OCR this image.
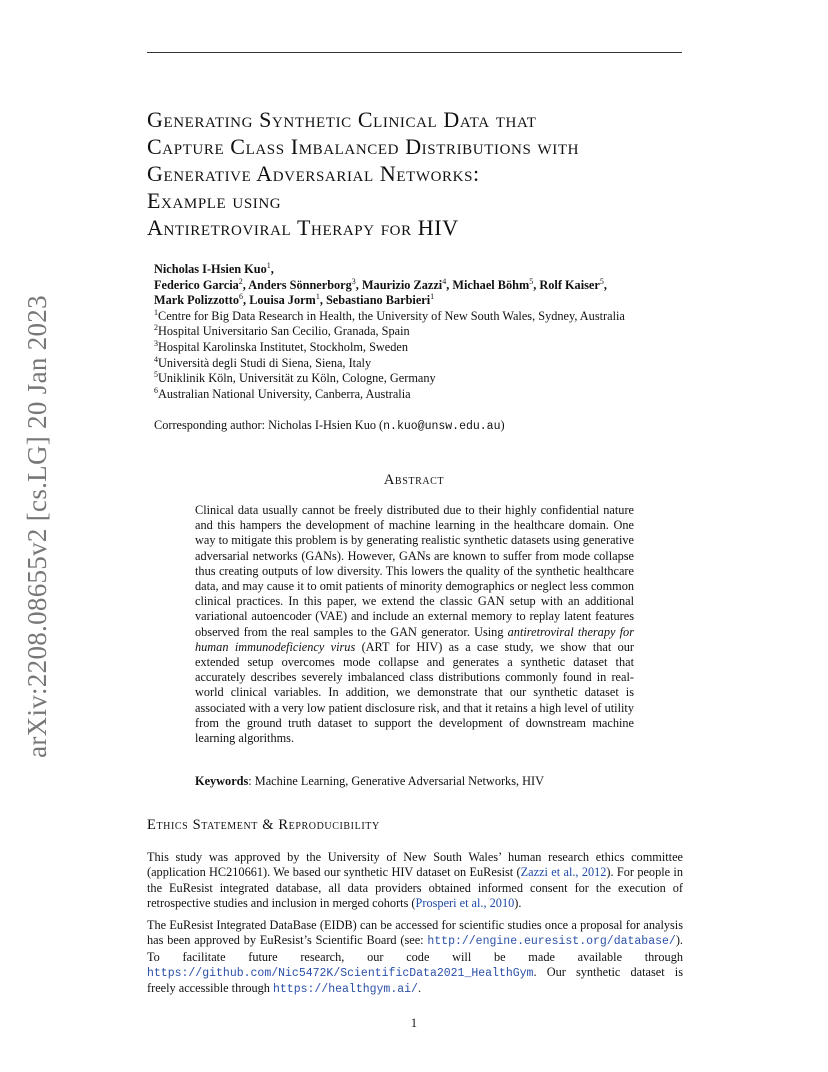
arXiv:2208.08655v2 [cs.LG] 20 Jan 2023
Generating Synthetic Clinical Data that
Capture Class Imbalanced Distributions with
Generative Adversarial Networks:
Example using
Antiretroviral Therapy for HIV
Nicholas I-Hsien Kuo$^1$,
Federico Garcia$^2$, Anders Sönnerborg$^3$, Maurizio Zazzi$^4$, Michael Böhm$^5$, Rolf Kaiser$^5$,
Mark Polizzotto$^6$, Louisa Jorm$^1$, Sebastiano Barbieri$^1$
$^1$Centre for Big Data Research in Health, the University of New South Wales, Sydney, Australia
$^2$Hospital Universitario San Cecilio, Granada, Spain
$^3$Hospital Karolinska Institutet, Stockholm, Sweden
$^4$Università degli Studi di Siena, Siena, Italy
$^5$Uniklinik Köln, Universität zu Köln, Cologne, Germany
$^6$Australian National University, Canberra, Australia
Corresponding author: Nicholas I-Hsien Kuo (n.kuo@unsw.edu.au)
Abstract

Clinical data usually cannot be freely distributed due to their highly confidential nature and this hampers the development of machine learning in the healthcare domain. One way to mitigate this problem is by generating realistic synthetic datasets using generative adversarial networks (GANs). However, GANs are known to suffer from mode collapse thus creating outputs of low diversity. This lowers the quality of the synthetic healthcare data, and may cause it to omit patients of minority demographics or neglect less common clinical practices. In this paper, we extend the classic GAN setup with an additional variational autoencoder (VAE) and include an external memory to replay latent features observed from the real samples to the GAN generator. Using antiretroviral therapy for human immunodeficiency virus (ART for HIV) as a case study, we show that our extended setup overcomes mode collapse and generates a synthetic dataset that accurately describes severely imbalanced class distributions commonly found in real-world clinical variables. In addition, we demonstrate that our synthetic dataset is associated with a very low patient disclosure risk, and that it retains a high level of utility from the ground truth dataset to support the development of downstream machine learning algorithms.

Keywords: Machine Learning, Generative Adversarial Networks, HIV
Ethics Statement & Reproducibility

This study was approved by the University of New South Wales’ human research ethics committee (application HC210661). We based our synthetic HIV dataset on EuResist (Zazzi et al., 2012). For people in the EuResist integrated database, all data providers obtained informed consent for the execution of retrospective studies and inclusion in merged cohorts (Prosperi et al., 2010).

The EuResist Integrated DataBase (EIDB) can be accessed for scientific studies once a proposal for analysis has been approved by EuResist’s Scientific Board (see: http://engine.euresist.org/database/). To facilitate future research, our code will be made available through https://github.com/Nic5472K/ScientificData2021_HealthGym. Our synthetic dataset is freely accessible through https://healthgym.ai/.

1
